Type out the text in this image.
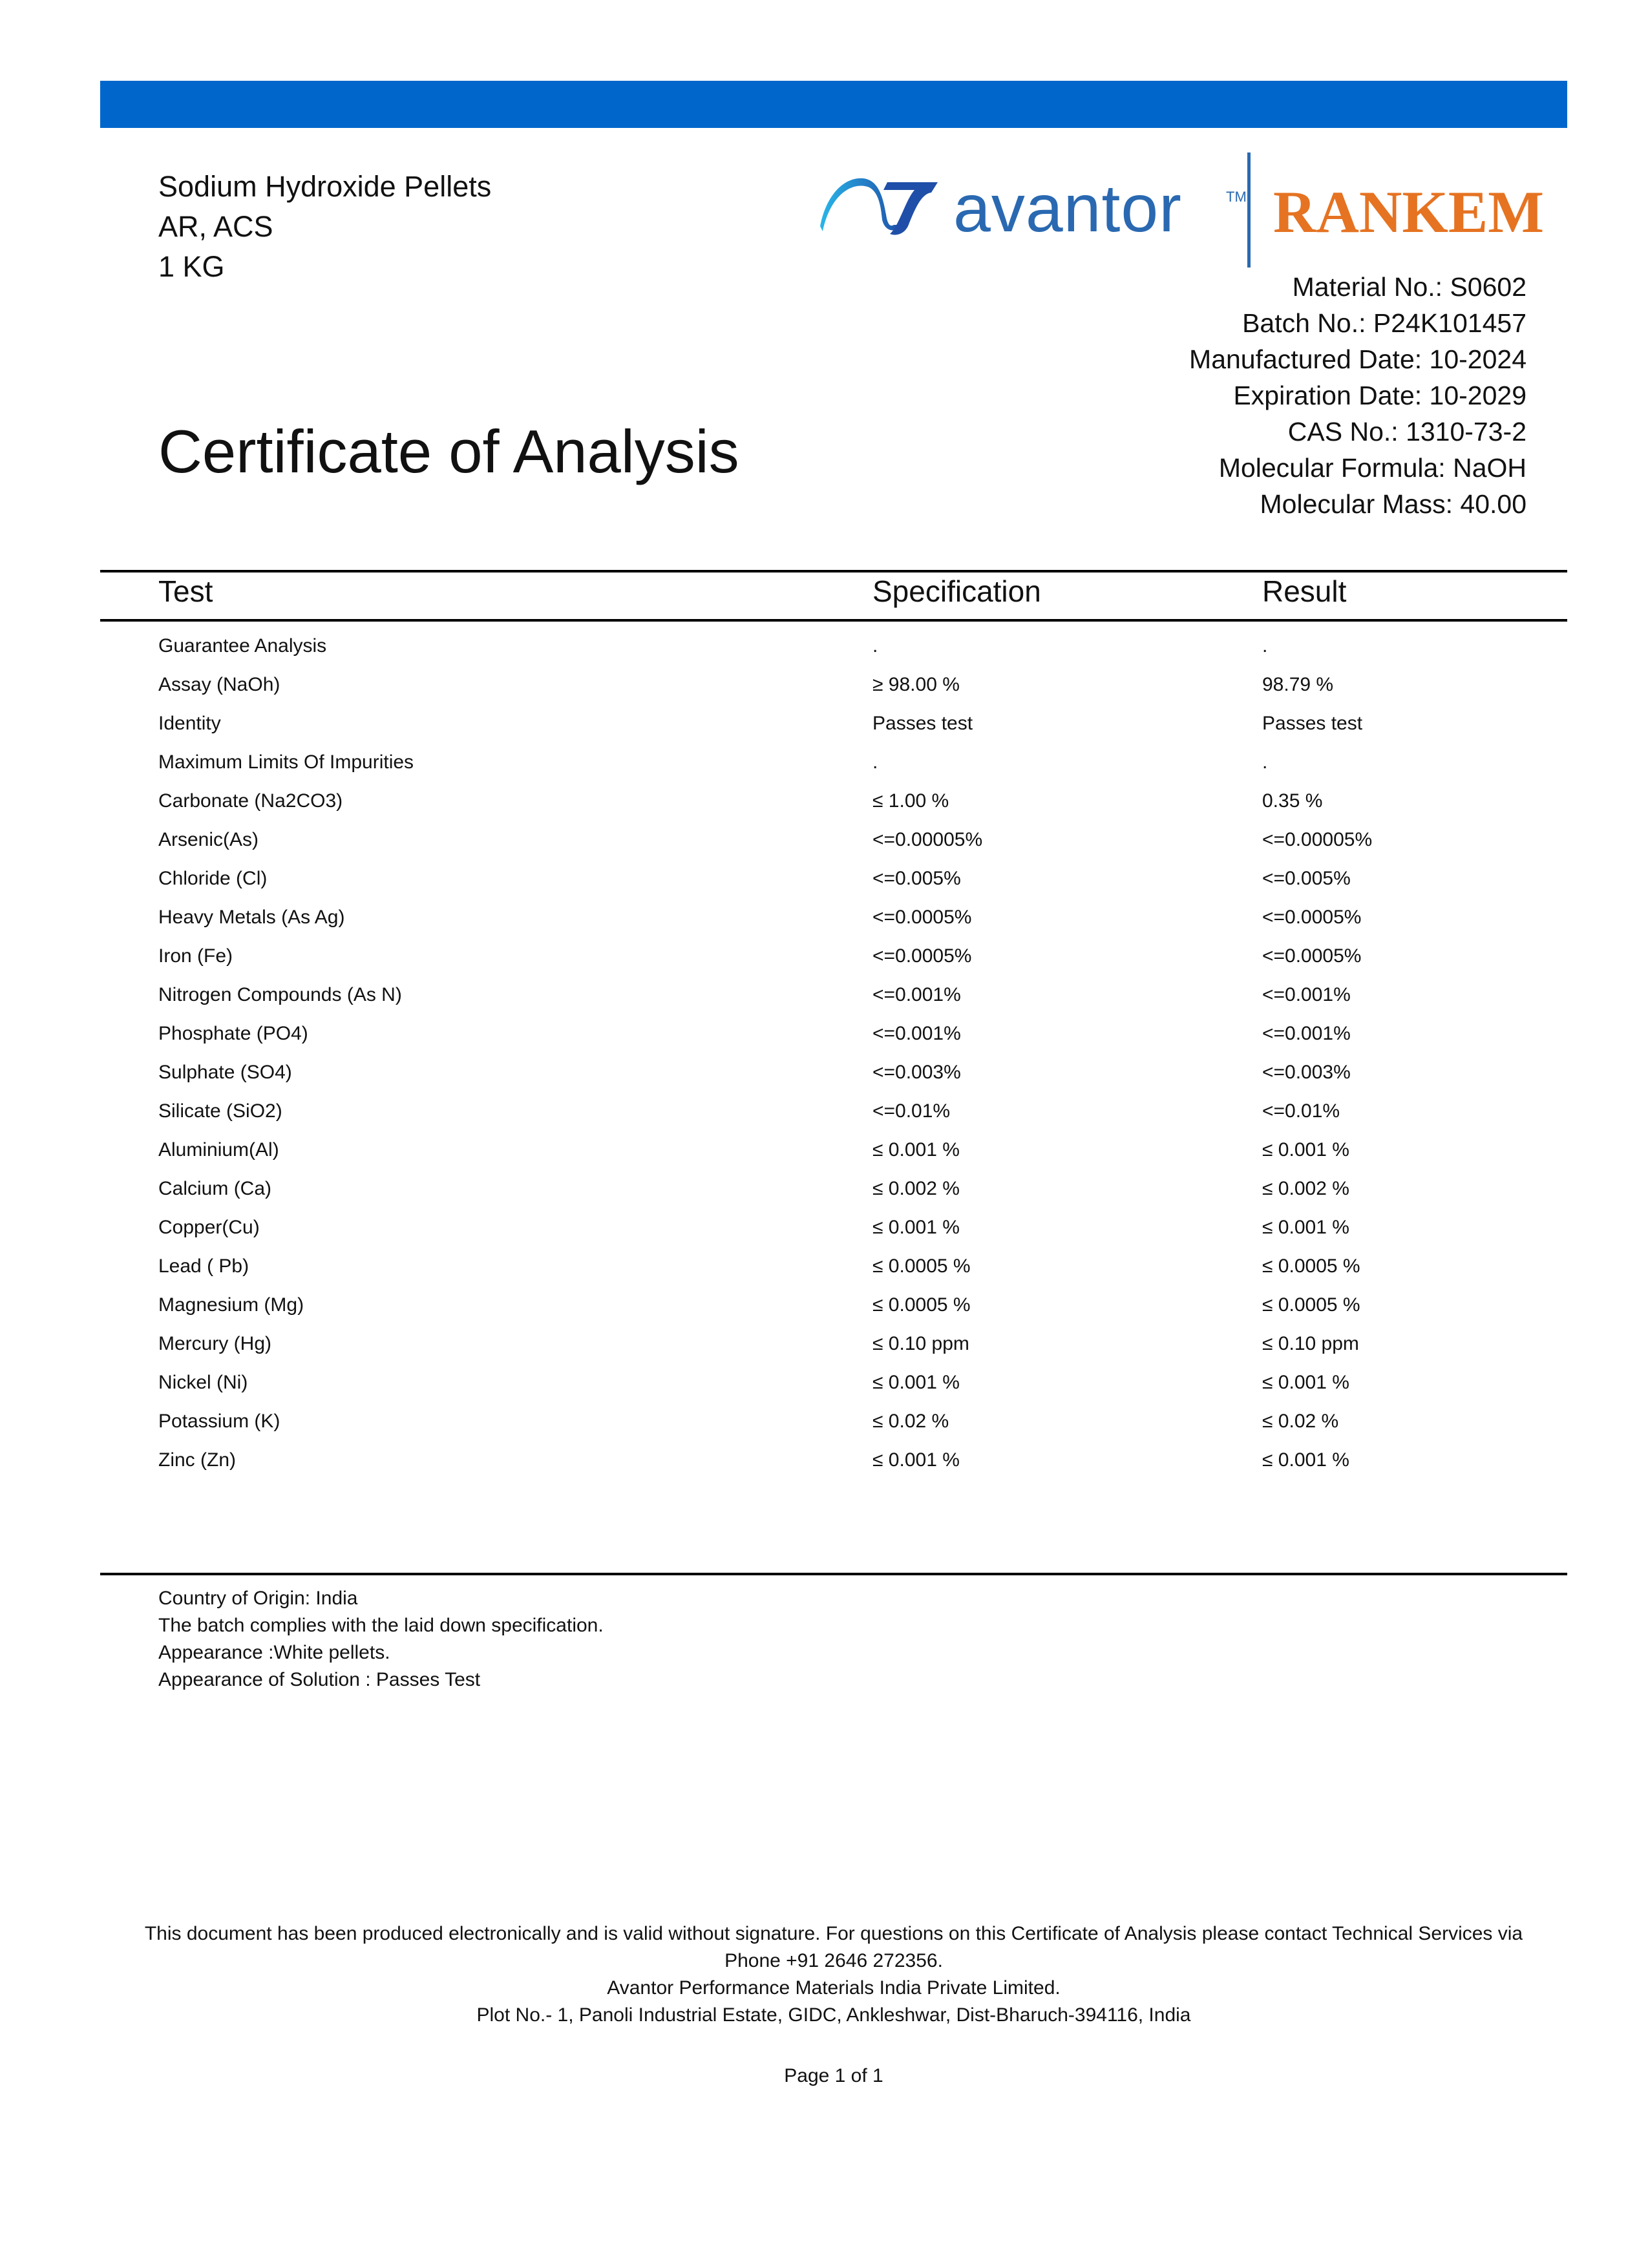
Sodium Hydroxide Pellets
AR, ACS
1 KG
avantor	TM RANKEM
Material No.: S0602
Batch No.: P24K101457
Manufactured Date: 10-2024
Expiration Date: 10-2029
CAS No.: 1310-73-2
Molecular Formula: NaOH
Molecular Mass: 40.00
Certificate of Analysis
Test	Specification	Result
Guarantee Analysis	.	.
Assay (NaOh)	≥ 98.00 %	98.79 %
Identity	Passes test	Passes test
Maximum Limits Of Impurities	.	.
Carbonate (Na2CO3)	≤ 1.00 %	0.35 %
Arsenic(As)	<=0.00005%	<=0.00005%
Chloride (Cl)	<=0.005%	<=0.005%
Heavy Metals (As Ag)	<=0.0005%	<=0.0005%
Iron (Fe)	<=0.0005%	<=0.0005%
Nitrogen Compounds (As N)	<=0.001%	<=0.001%
Phosphate (PO4)	<=0.001%	<=0.001%
Sulphate (SO4)	<=0.003%	<=0.003%
Silicate (SiO2)	<=0.01%	<=0.01%
Aluminium(Al)	≤ 0.001 %	≤ 0.001 %
Calcium (Ca)	≤ 0.002 %	≤ 0.002 %
Copper(Cu)	≤ 0.001 %	≤ 0.001 %
Lead ( Pb)	≤ 0.0005 %	≤ 0.0005 %
Magnesium (Mg)	≤ 0.0005 %	≤ 0.0005 %
Mercury (Hg)	≤ 0.10 ppm	≤ 0.10 ppm
Nickel (Ni)	≤ 0.001 %	≤ 0.001 %
Potassium (K)	≤ 0.02 %	≤ 0.02 %
Zinc (Zn)	≤ 0.001 %	≤ 0.001 %
Country of Origin: India
The batch complies with the laid down specification.
Appearance :White pellets.
Appearance of Solution : Passes Test
This document has been produced electronically and is valid without signature. For questions on this Certificate of Analysis please contact Technical Services via
Phone +91 2646 272356.
Avantor Performance Materials India Private Limited.
Plot No.- 1, Panoli Industrial Estate, GIDC, Ankleshwar, Dist-Bharuch-394116, India
Page 1 of 1
